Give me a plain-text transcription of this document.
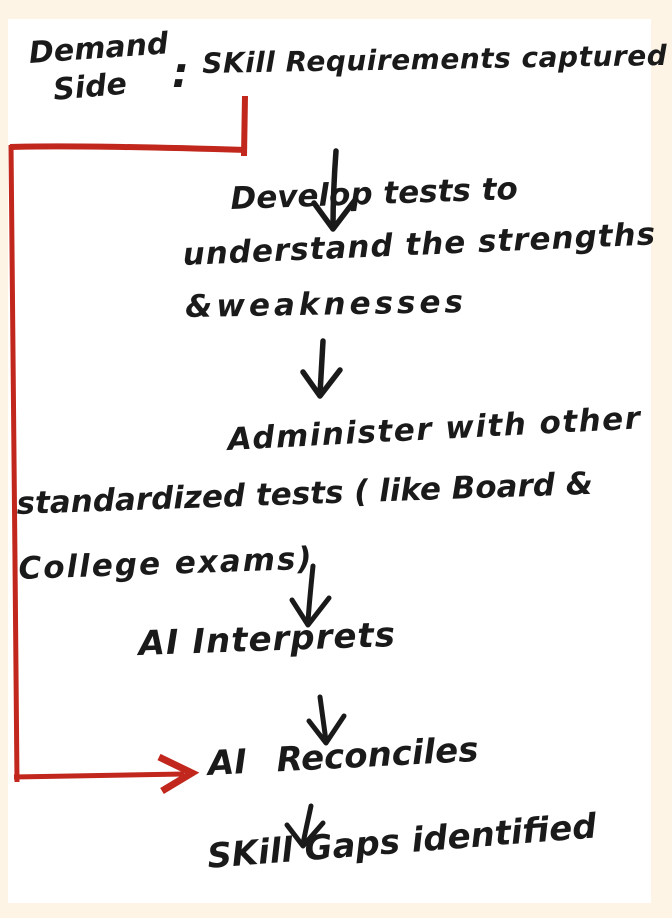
Demand
Side : SKill Requirements captured
Develop tests to
understand the strengths
&weaknesses
Administer with other
standardized tests ( like Board &
College exams)
AI Interprets
AI Reconciles
SKill Gaps identified
